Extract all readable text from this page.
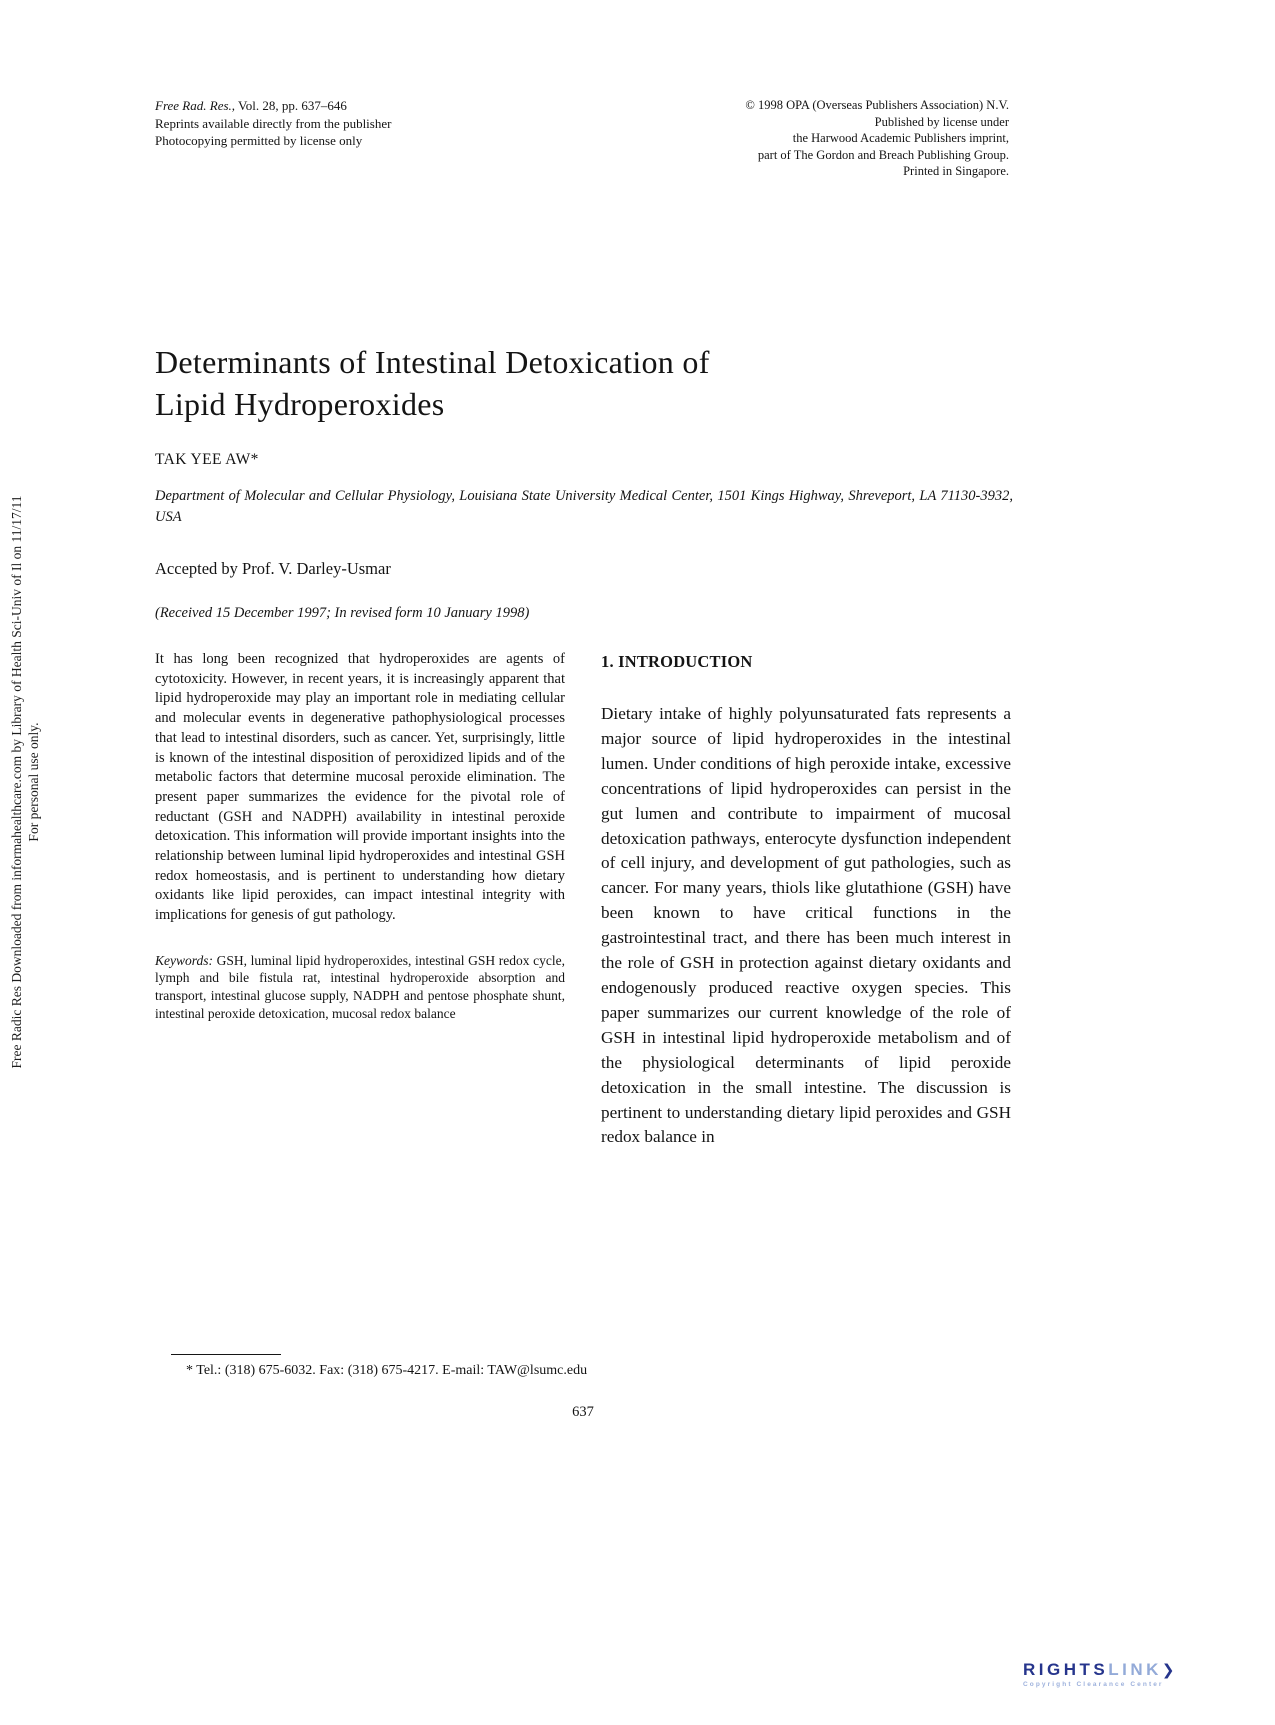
Free Radic Res Downloaded from informahealthcare.com by Library of Health Sci-Univ of Il on 11/17/11 For personal use only.
Free Rad. Res., Vol. 28, pp. 637–646
Reprints available directly from the publisher
Photocopying permitted by license only
© 1998 OPA (Overseas Publishers Association) N.V.
Published by license under
the Harwood Academic Publishers imprint,
part of The Gordon and Breach Publishing Group.
Printed in Singapore.
Determinants of Intestinal Detoxication of
Lipid Hydroperoxides
TAK YEE AW*
Department of Molecular and Cellular Physiology, Louisiana State University Medical Center, 1501 Kings Highway, Shreveport, LA 71130-3932, USA
Accepted by Prof. V. Darley-Usmar
(Received 15 December 1997; In revised form 10 January 1998)

It has long been recognized that hydroperoxides are agents of cytotoxicity. However, in recent years, it is increasingly apparent that lipid hydroperoxide may play an important role in mediating cellular and molecular events in degenerative pathophysiological processes that lead to intestinal disorders, such as cancer. Yet, surprisingly, little is known of the intestinal disposition of peroxidized lipids and of the metabolic factors that determine mucosal peroxide elimination. The present paper summarizes the evidence for the pivotal role of reductant (GSH and NADPH) availability in intestinal peroxide detoxication. This information will provide important insights into the relationship between luminal lipid hydroperoxides and intestinal GSH redox homeostasis, and is pertinent to understanding how dietary oxidants like lipid peroxides, can impact intestinal integrity with implications for genesis of gut pathology.

Keywords: GSH, luminal lipid hydroperoxides, intestinal GSH redox cycle, lymph and bile fistula rat, intestinal hydroperoxide absorption and transport, intestinal glucose supply, NADPH and pentose phosphate shunt, intestinal peroxide detoxication, mucosal redox balance

1. INTRODUCTION

Dietary intake of highly polyunsaturated fats represents a major source of lipid hydroperoxides in the intestinal lumen. Under conditions of high peroxide intake, excessive concentrations of lipid hydroperoxides can persist in the gut lumen and contribute to impairment of mucosal detoxication pathways, enterocyte dysfunction independent of cell injury, and development of gut pathologies, such as cancer. For many years, thiols like glutathione (GSH) have been known to have critical functions in the gastrointestinal tract, and there has been much interest in the role of GSH in protection against dietary oxidants and endogenously produced reactive oxygen species. This paper summarizes our current knowledge of the role of GSH in intestinal lipid hydroperoxide metabolism and of the physiological determinants of lipid peroxide detoxication in the small intestine. The discussion is pertinent to understanding dietary lipid peroxides and GSH redox balance in

* Tel.: (318) 675-6032. Fax: (318) 675-4217. E-mail: TAW@lsumc.edu
637
RIGHTSLINK❯
Copyright Clearance Center
